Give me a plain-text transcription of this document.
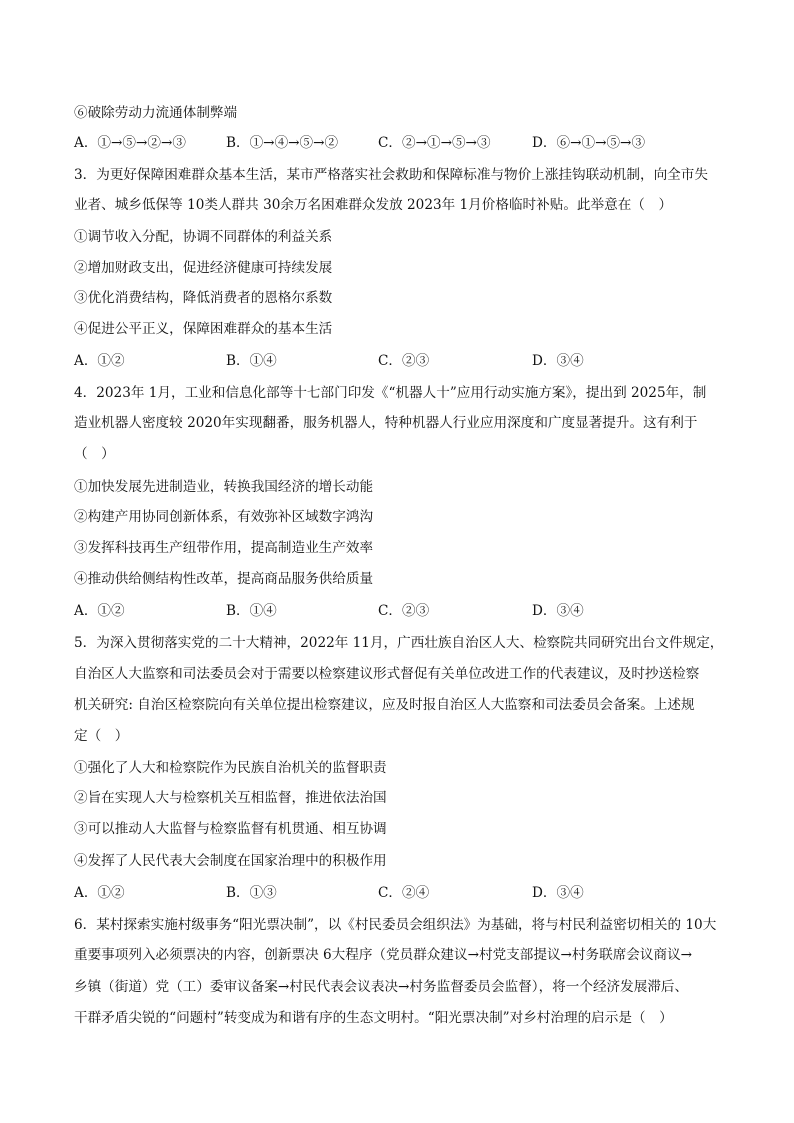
⑥破除劳动力流通体制弊端
A．①→⑤→②→③	B．①→④→⑤→②	C．②→①→⑤→③	D．⑥→①→⑤→③
3．为更好保障困难群众基本生活，某市严格落实社会救助和保障标准与物价上涨挂钩联动机制，向全市失
业者、城乡低保等 10类人群共 30余万名困难群众发放 2023年 1月价格临时补贴。此举意在（　）
①调节收入分配，协调不同群体的利益关系
②增加财政支出，促进经济健康可持续发展
③优化消费结构，降低消费者的恩格尔系数
④促进公平正义，保障困难群众的基本生活
A．①②	B．①④	C．②③	D．③④
4．2023年 1月，工业和信息化部等十七部门印发《“机器人十”应用行动实施方案》，提出到 2025年，制
造业机器人密度较 2020年实现翻番，服务机器人，特种机器人行业应用深度和广度显著提升。这有利于
（　）
①加快发展先进制造业，转换我国经济的增长动能
②构建产用协同创新体系，有效弥补区域数字鸿沟
③发挥科技再生产纽带作用，提高制造业生产效率
④推动供给侧结构性改革，提高商品服务供给质量
A．①②	B．①④	C．②③	D．③④
5．为深入贯彻落实党的二十大精神，2022年 11月，广西壮族自治区人大、检察院共同研究出台文件规定，
自治区人大监察和司法委员会对于需要以检察建议形式督促有关单位改进工作的代表建议，及时抄送检察
机关研究: 自治区检察院向有关单位提出检察建议，应及时报自治区人大监察和司法委员会备案。上述规
定（　）
①强化了人大和检察院作为民族自治机关的监督职责
②旨在实现人大与检察机关互相监督，推进依法治国
③可以推动人大监督与检察监督有机贯通、相互协调
④发挥了人民代表大会制度在国家治理中的积极作用
A．①②	B．①③	C．②④	D．③④
6．某村探索实施村级事务“阳光票决制”，以《村民委员会组织法》为基础，将与村民利益密切相关的 10大
重要事项列入必须票决的内容，创新票决 6大程序（党员群众建议→村党支部提议→村务联席会议商议→
乡镇（街道）党（工）委审议备案→村民代表会议表决→村务监督委员会监督），将一个经济发展滞后、
干群矛盾尖锐的“问题村”转变成为和谐有序的生态文明村。“阳光票决制”对乡村治理的启示是（　）
